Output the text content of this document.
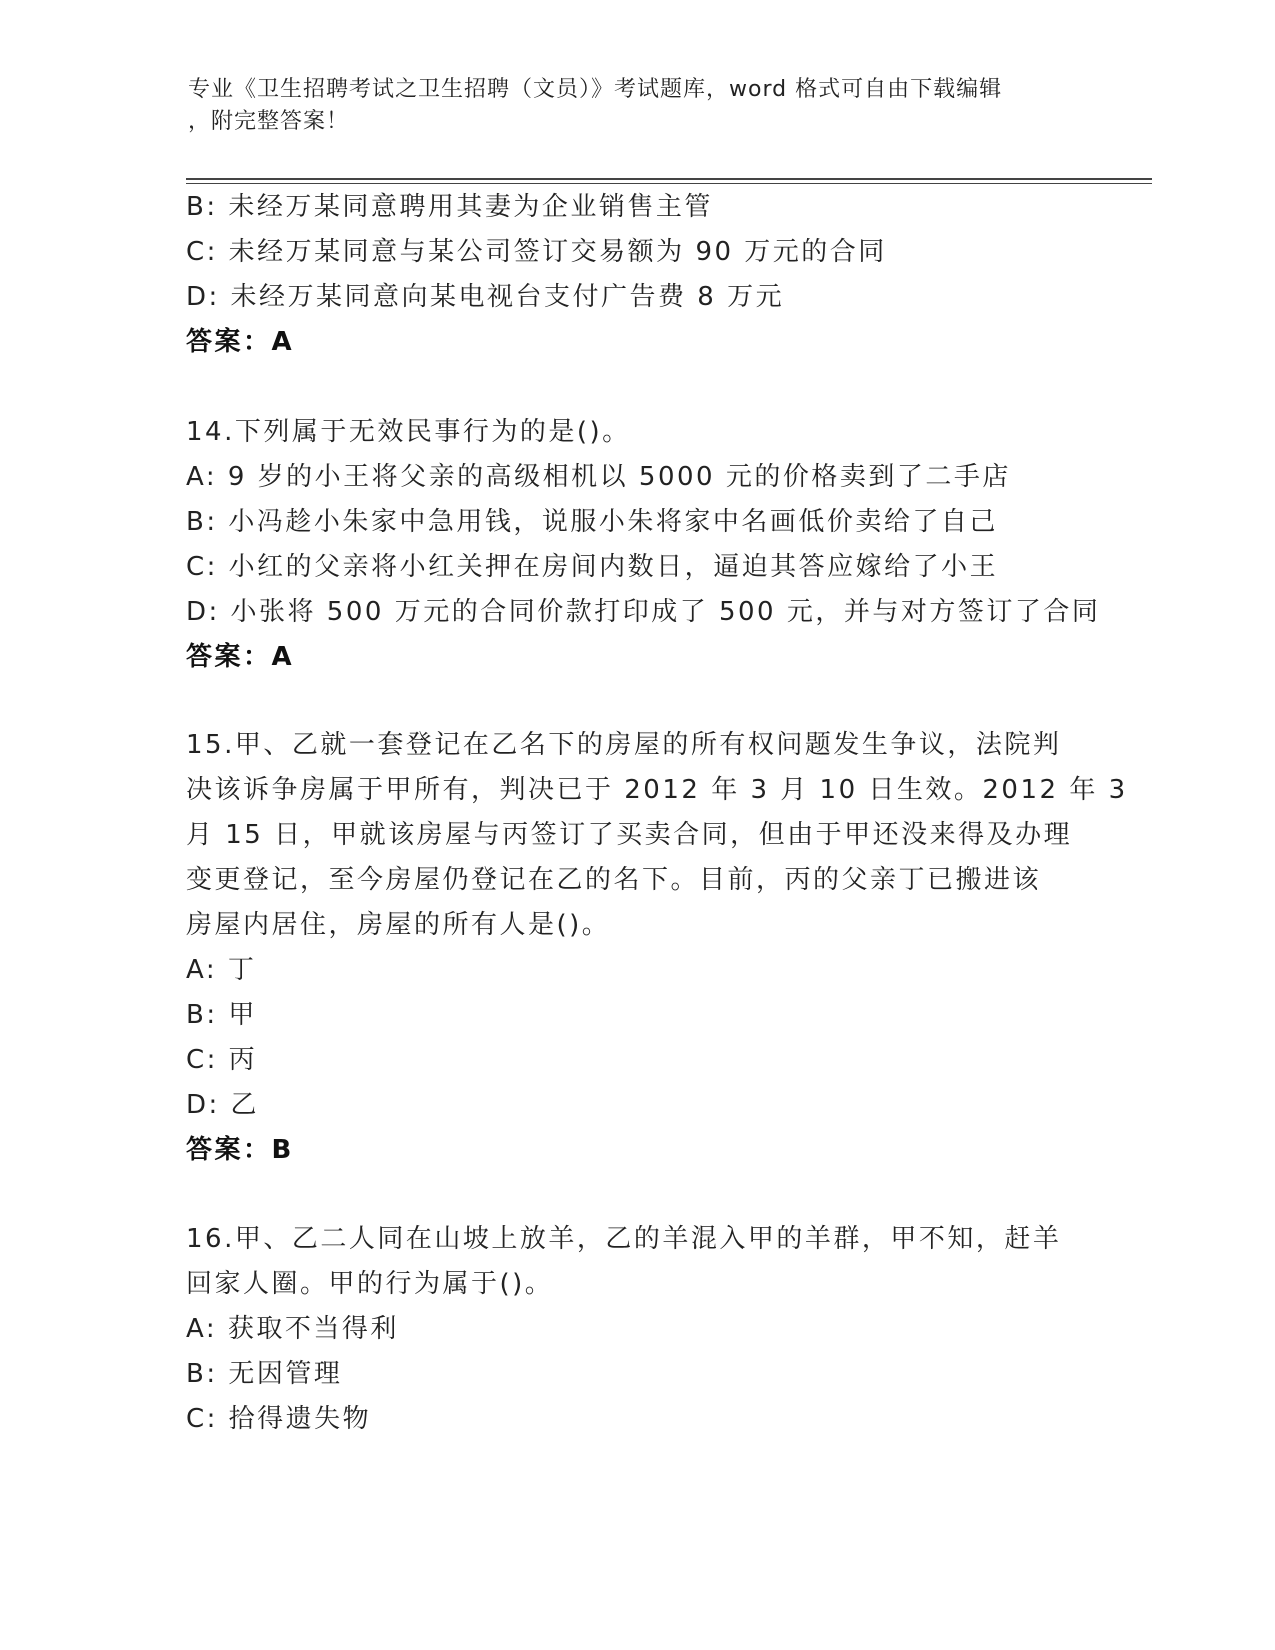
专业《卫生招聘考试之卫生招聘（文员）》考试题库，word 格式可自由下载编辑
，附完整答案！
B: 未经万某同意聘用其妻为企业销售主管
C: 未经万某同意与某公司签订交易额为 90 万元的合同
D: 未经万某同意向某电视台支付广告费 8 万元
答案：A
14.下列属于无效民事行为的是()。
A: 9 岁的小王将父亲的高级相机以 5000 元的价格卖到了二手店
B: 小冯趁小朱家中急用钱，说服小朱将家中名画低价卖给了自己
C: 小红的父亲将小红关押在房间内数日，逼迫其答应嫁给了小王
D: 小张将 500 万元的合同价款打印成了 500 元，并与对方签订了合同
答案：A
15.甲、乙就一套登记在乙名下的房屋的所有权问题发生争议，法院判
决该诉争房属于甲所有，判决已于 2012 年 3 月 10 日生效。2012 年 3
月 15 日，甲就该房屋与丙签订了买卖合同，但由于甲还没来得及办理
变更登记，至今房屋仍登记在乙的名下。目前，丙的父亲丁已搬进该
房屋内居住，房屋的所有人是()。
A: 丁
B: 甲
C: 丙
D: 乙
答案：B
16.甲、乙二人同在山坡上放羊，乙的羊混入甲的羊群，甲不知，赶羊
回家人圈。甲的行为属于()。
A: 获取不当得利
B: 无因管理
C: 拾得遗失物
